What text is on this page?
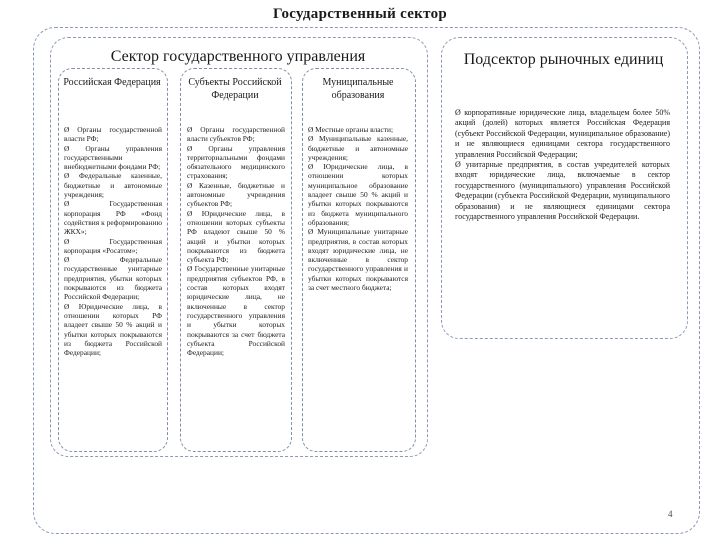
Государственный сектор
Сектор государственного управления	Подсектор рыночных единиц
Российская Федерация

Ø Органы государственной власти РФ;

Ø Органы управления государственными внебюджетными фондами РФ;

Ø Федеральные казенные, бюджетные и автономные учреждения;

Ø Государственная корпорация РФ «Фонд содействия к реформированию ЖКХ»;

Ø Государственная корпорация «Росатом»;

Ø Федеральные государственные унитарные предприятия, убытки которых покрываются из бюджета Российской Федерации;

Ø Юридические лица, в отношении которых РФ владеет свыше 50 % акций и убытки которых покрываются из бюджета Российской Федерации;

Субъекты Российской Федерации

Ø Органы государственной власти субъектов РФ;

Ø Органы управления территориальными фондами обязательного медицинского страхования;

Ø Казенные, бюджетные и автономные учреждения субъектов РФ;

Ø Юридические лица, в отношении которых субъекты РФ владеют свыше 50 % акций и убытки которых покрываются из бюджета субъекта РФ;

Ø Государственные унитарные предприятия субъектов РФ, в состав которых входят юридические лица, не включенные в сектор государственного управления и убытки которых покрываются за счет бюджета субъекта Российской Федерации;

Муниципальные образования

Ø Местные органы власти;

Ø Муниципальные казенные, бюджетные и автономные учреждения;

Ø Юридические лица, в отношении которых муниципальное образование владеет свыше 50 % акций и убытки которых покрываются из бюджета муниципального образования;

Ø Муниципальные унитарные предприятия, в состав которых входят юридические лица, не включенные в сектор государственного управления и убытки которых покрываются за счет местного бюджета;

Ø корпоративные юридические лица, владельцем более 50% акций (долей) которых является Российская Федерация (субъект Российской Федерации, муниципальное образование) и не являющиеся единицами сектора государственного управления Российской Федерации;

Ø унитарные предприятия, в состав учредителей которых входят юридические лица, включаемые в сектор государственного (муниципального) управления Российской Федерации (субъекта Российской Федерации, муниципального образования) и не являющиеся единицами сектора государственного управления Российской Федерации.

4
